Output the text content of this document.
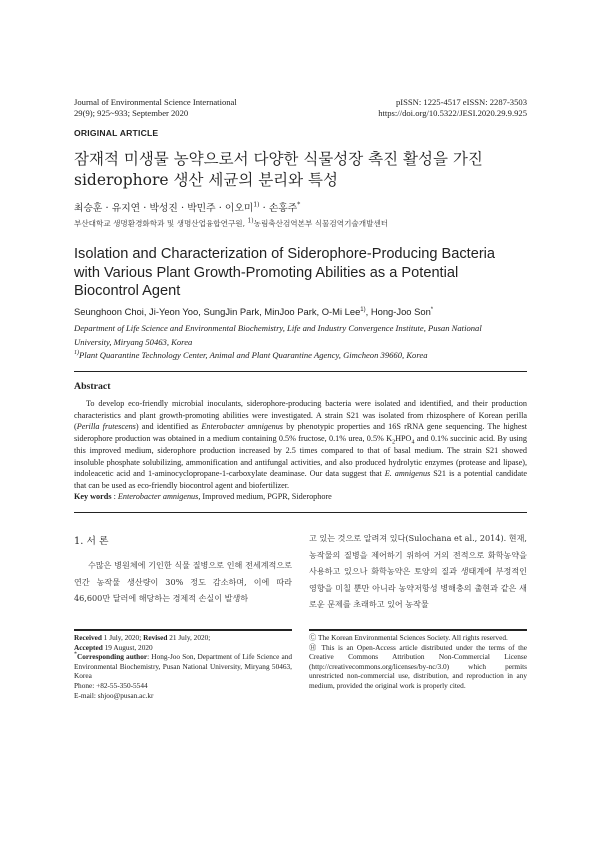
Journal of Environmental Science International
29(9); 925~933; September 2020
pISSN: 1225-4517 eISSN: 2287-3503
https://doi.org/10.5322/JESI.2020.29.9.925
ORIGINAL ARTICLE
잠재적 미생물 농약으로서 다양한 식물성장 촉진 활성을 가진
siderophore 생산 세균의 분리와 특성
최승훈 · 유지연 · 박성진 · 박민주 · 이오미$^{1)}$ · 손홍주*
부산대학교 생명환경화학과 및 생명산업융합연구원, $^{1)}$농림축산검역본부 식물검역기술개발센터
Isolation and Characterization of Siderophore-Producing Bacteria
with Various Plant Growth-Promoting Abilities as a Potential
Biocontrol Agent
Seunghoon Choi, Ji-Yeon Yoo, SungJin Park, MinJoo Park, O-Mi Lee$^{1)}$, Hong-Joo Son*
Department of Life Science and Environmental Biochemistry, Life and Industry Convergence Institute, Pusan National
University, Miryang 50463, Korea
$^{1)}$Plant Quarantine Technology Center, Animal and Plant Quarantine Agency, Gimcheon 39660, Korea
Abstract

To develop eco-friendly microbial inoculants, siderophore-producing bacteria were isolated and identified, and their production characteristics and plant growth-promoting abilities were investigated. A strain S21 was isolated from rhizosphere of Korean perilla (Perilla frutescens) and identified as Enterobacter amnigenus by phenotypic properties and 16S rRNA gene sequencing. The highest siderophore production was obtained in a medium containing 0.5% fructose, 0.1% urea, 0.5% $K_2HPO_4$ and 0.1% succinic acid. By using this improved medium, siderophore production increased by 2.5 times compared to that of basal medium. The strain S21 showed insoluble phosphate solubilizing, ammonification and antifungal activities, and also produced hydrolytic enzymes (protease and lipase), indoleacetic acid and 1-aminocyclopropane-1-carboxylate deaminase. Our data suggest that E. amnigenus S21 is a potential candidate that can be used as eco-friendly biocontrol agent and biofertilizer.

Key words : Enterobacter amnigenus, Improved medium, PGPR, Siderophore
1. 서 론

수많은 병원체에 기인한 식물 질병으로 인해 전세계적으로 연간 농작물 생산량이 30% 정도 감소하며, 이에 따라 46,600만 달러에 해당하는 경제적 손실이 발생하

고 있는 것으로 알려져 있다(Sulochana et al., 2014). 현재, 농작물의 질병을 제어하기 위하여 거의 전적으로 화학농약을 사용하고 있으나 화학농약은 토양의 질과 생태계에 부정적인 영향을 미칠 뿐만 아니라 농약저항성 병해충의 출현과 같은 새로운 문제를 초래하고 있어 농작물

Received 1 July, 2020; Revised 21 July, 2020;
Accepted 19 August, 2020
*Corresponding author: Hong-Joo Son, Department of Life Science and Environmental Biochemistry, Pusan National University, Miryang 50463, Korea
Phone: +82-55-350-5544
E-mail: shjoo@pusan.ac.kr
Ⓒ The Korean Environmental Sciences Society. All rights reserved.
Ⓗ This is an Open-Access article distributed under the terms of the Creative Commons Attribution Non-Commercial License (http://creativecommons.org/licenses/by-nc/3.0) which permits unrestricted non-commercial use, distribution, and reproduction in any medium, provided the original work is properly cited.
